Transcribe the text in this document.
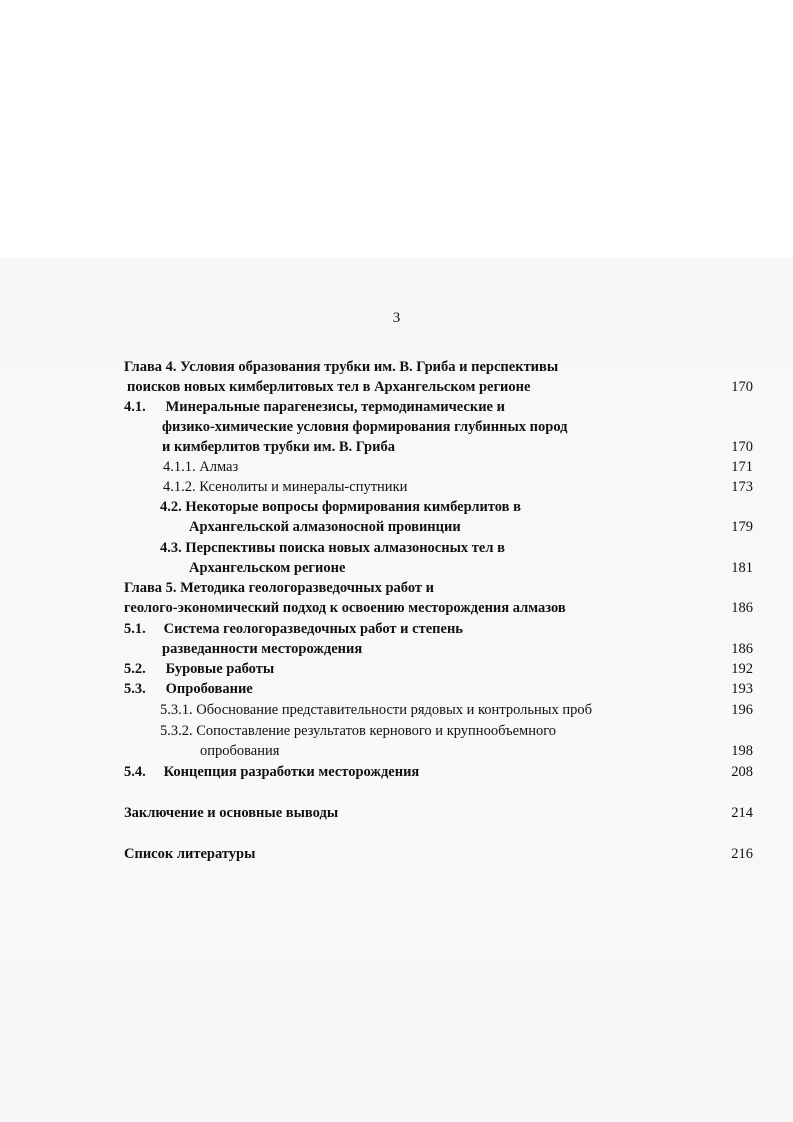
3
Глава 4. Условия образования трубки им. В. Гриба и перспективы
поисков новых кимберлитовых тел в Архангельском регионе	170
4.1. Минеральные парагенезисы, термодинамические и
физико-химические условия формирования глубинных пород
и кимберлитов трубки им. В. Гриба	170
4.1.1. Алмаз	171
4.1.2. Ксенолиты и минералы-спутники	173
4.2. Некоторые вопросы формирования кимберлитов в
Архангельской алмазоносной провинции	179
4.3. Перспективы поиска новых алмазоносных тел в
Архангельском регионе	181
Глава 5. Методика геологоразведочных работ и
геолого-экономический подход к освоению месторождения алмазов	186
5.1. Система геологоразведочных работ и степень
разведанности месторождения	186
5.2. Буровые работы	192
5.3. Опробование	193
5.3.1. Обоснование представительности рядовых и контрольных проб	196
5.3.2. Сопоставление результатов кернового и крупнообъемного
опробования	198
5.4. Концепция разработки месторождения	208
Заключение и основные выводы	214
Список литературы	216
